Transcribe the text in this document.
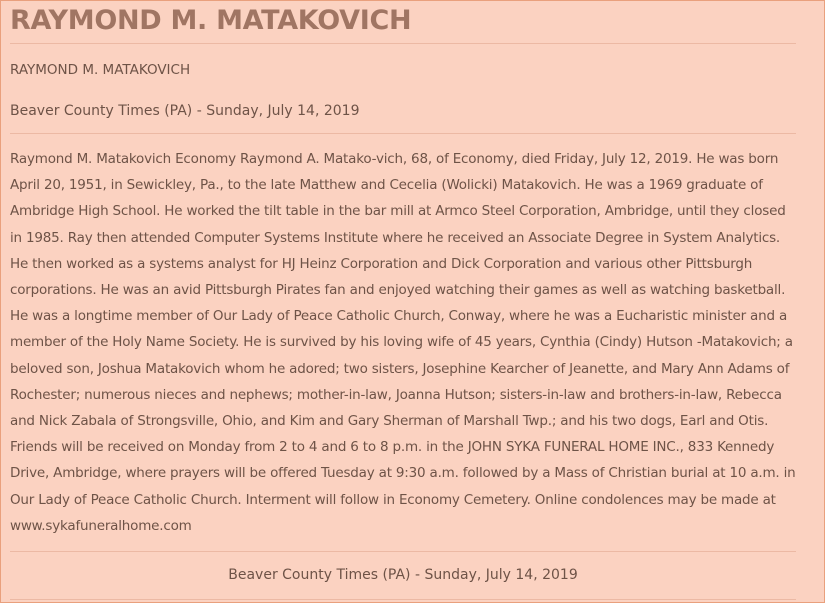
RAYMOND M. MATAKOVICH

RAYMOND M. MATAKOVICH

Beaver County Times (PA) - Sunday, July 14, 2019

Raymond M. Matakovich Economy Raymond A. Matako-vich, 68, of Economy, died Friday, July 12, 2019. He was born April 20, 1951, in Sewickley, Pa., to the late Matthew and Cecelia (Wolicki) Matakovich. He was a 1969 graduate of Ambridge High School. He worked the tilt table in the bar mill at Armco Steel Corporation, Ambridge, until they closed in 1985. Ray then attended Computer Systems Institute where he received an Associate Degree in System Analytics. He then worked as a systems analyst for HJ Heinz Corporation and Dick Corporation and various other Pittsburgh corporations. He was an avid Pittsburgh Pirates fan and enjoyed watching their games as well as watching basketball. He was a longtime member of Our Lady of Peace Catholic Church, Conway, where he was a Eucharistic minister and a member of the Holy Name Society. He is survived by his loving wife of 45 years, Cynthia (Cindy) Hutson -Matakovich; a beloved son, Joshua Matakovich whom he adored; two sisters, Josephine Kearcher of Jeanette, and Mary Ann Adams of Rochester; numerous nieces and nephews; mother-in-law, Joanna Hutson; sisters-in-law and brothers-in-law, Rebecca and Nick Zabala of Strongsville, Ohio, and Kim and Gary Sherman of Marshall Twp.; and his two dogs, Earl and Otis. Friends will be received on Monday from 2 to 4 and 6 to 8 p.m. in the JOHN SYKA FUNERAL HOME INC., 833 Kennedy Drive, Ambridge, where prayers will be offered Tuesday at 9:30 a.m. followed by a Mass of Christian burial at 10 a.m. in Our Lady of Peace Catholic Church. Interment will follow in Economy Cemetery. Online condolences may be made at www.sykafuneralhome.com

Beaver County Times (PA) - Sunday, July 14, 2019
